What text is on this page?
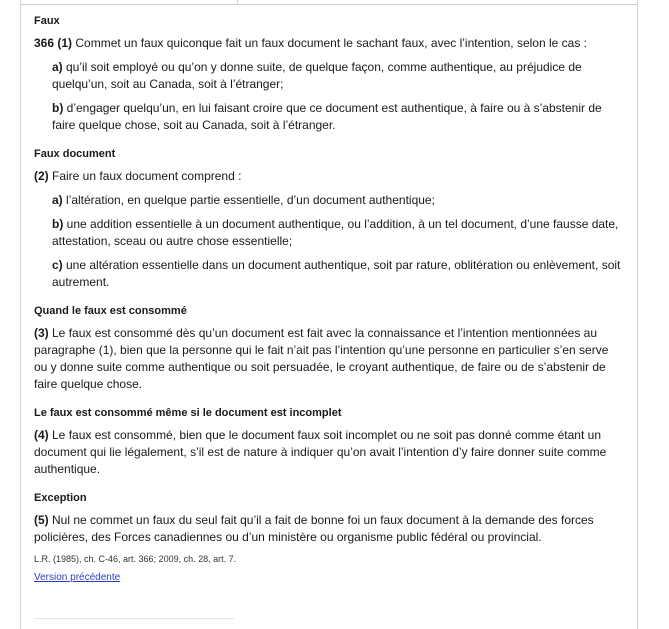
Faux
366 (1) Commet un faux quiconque fait un faux document le sachant faux, avec l’intention, selon le cas :
a) qu’il soit employé ou qu’on y donne suite, de quelque façon, comme authentique, au préjudice de quelqu’un, soit au Canada, soit à l’étranger;
b) d’engager quelqu’un, en lui faisant croire que ce document est authentique, à faire ou à s’abstenir de faire quelque chose, soit au Canada, soit à l’étranger.
Faux document
(2) Faire un faux document comprend :
a) l’altération, en quelque partie essentielle, d’un document authentique;
b) une addition essentielle à un document authentique, ou l’addition, à un tel document, d’une fausse date, attestation, sceau ou autre chose essentielle;
c) une altération essentielle dans un document authentique, soit par rature, oblitération ou enlèvement, soit autrement.
Quand le faux est consommé
(3) Le faux est consommé dès qu’un document est fait avec la connaissance et l’intention mentionnées au paragraphe (1), bien que la personne qui le fait n’ait pas l’intention qu’une personne en particulier s’en serve ou y donne suite comme authentique ou soit persuadée, le croyant authentique, de faire ou de s’abstenir de faire quelque chose.
Le faux est consommé même si le document est incomplet
(4) Le faux est consommé, bien que le document faux soit incomplet ou ne soit pas donné comme étant un document qui lie légalement, s’il est de nature à indiquer qu’on avait l’intention d’y faire donner suite comme authentique.
Exception
(5) Nul ne commet un faux du seul fait qu’il a fait de bonne foi un faux document à la demande des forces policières, des Forces canadiennes ou d’un ministère ou organisme public fédéral ou provincial.
L.R. (1985), ch. C-46, art. 366; 2009, ch. 28, art. 7.
Version précédente
